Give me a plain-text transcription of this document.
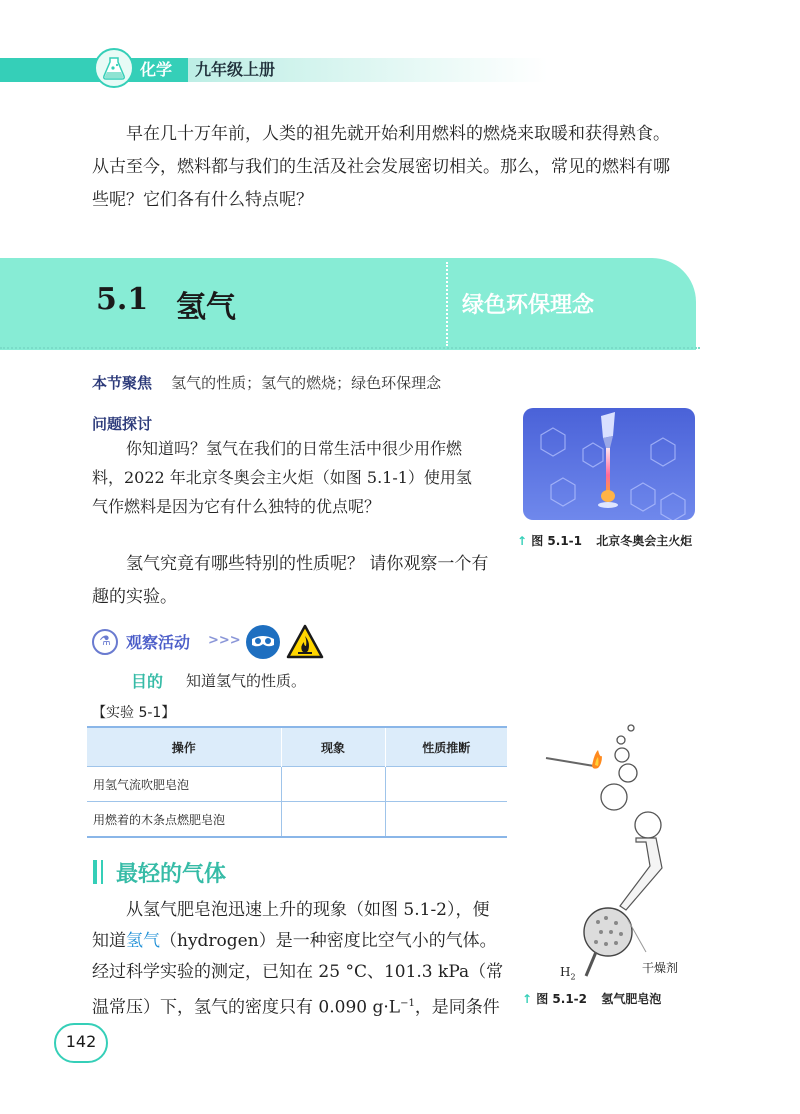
化学 九年级上册

早在几十万年前，人类的祖先就开始利用燃料的燃烧来取暖和获得熟食。

从古至今，燃料都与我们的生活及社会发展密切相关。那么，常见的燃料有哪

些呢？它们各有什么特点呢？

5.1 氢气	绿色环保理念
本节聚焦 氢气的性质；氢气的燃烧；绿色环保理念
问题探讨

你知道吗？氢气在我们的日常生活中很少用作燃

料，2022 年北京冬奥会主火炬（如图 5.1-1）使用氢

气作燃料是因为它有什么独特的优点呢？

↑ 图 5.1-1 北京冬奥会主火炬

氢气究竟有哪些特别的性质呢？ 请你观察一个有

趣的实验。

⚗ 观察活动 >>>
目的 知道氢气的性质。
【实验 5-1】
操作	现象	性质推断
用氢气流吹肥皂泡		
用燃着的木条点燃肥皂泡		
$H_2$
干燥剂
↑ 图 5.1-2 氢气肥皂泡
最轻的气体

从氢气肥皂泡迅速上升的现象（如图 5.1-2），便

知道氢气（hydrogen）是一种密度比空气小的气体。

经过科学实验的测定，已知在 25 °C、101.3 kPa（常

温常压）下，氢气的密度只有 0.090 $g\cdot L^{-1}$，是同条件

142
